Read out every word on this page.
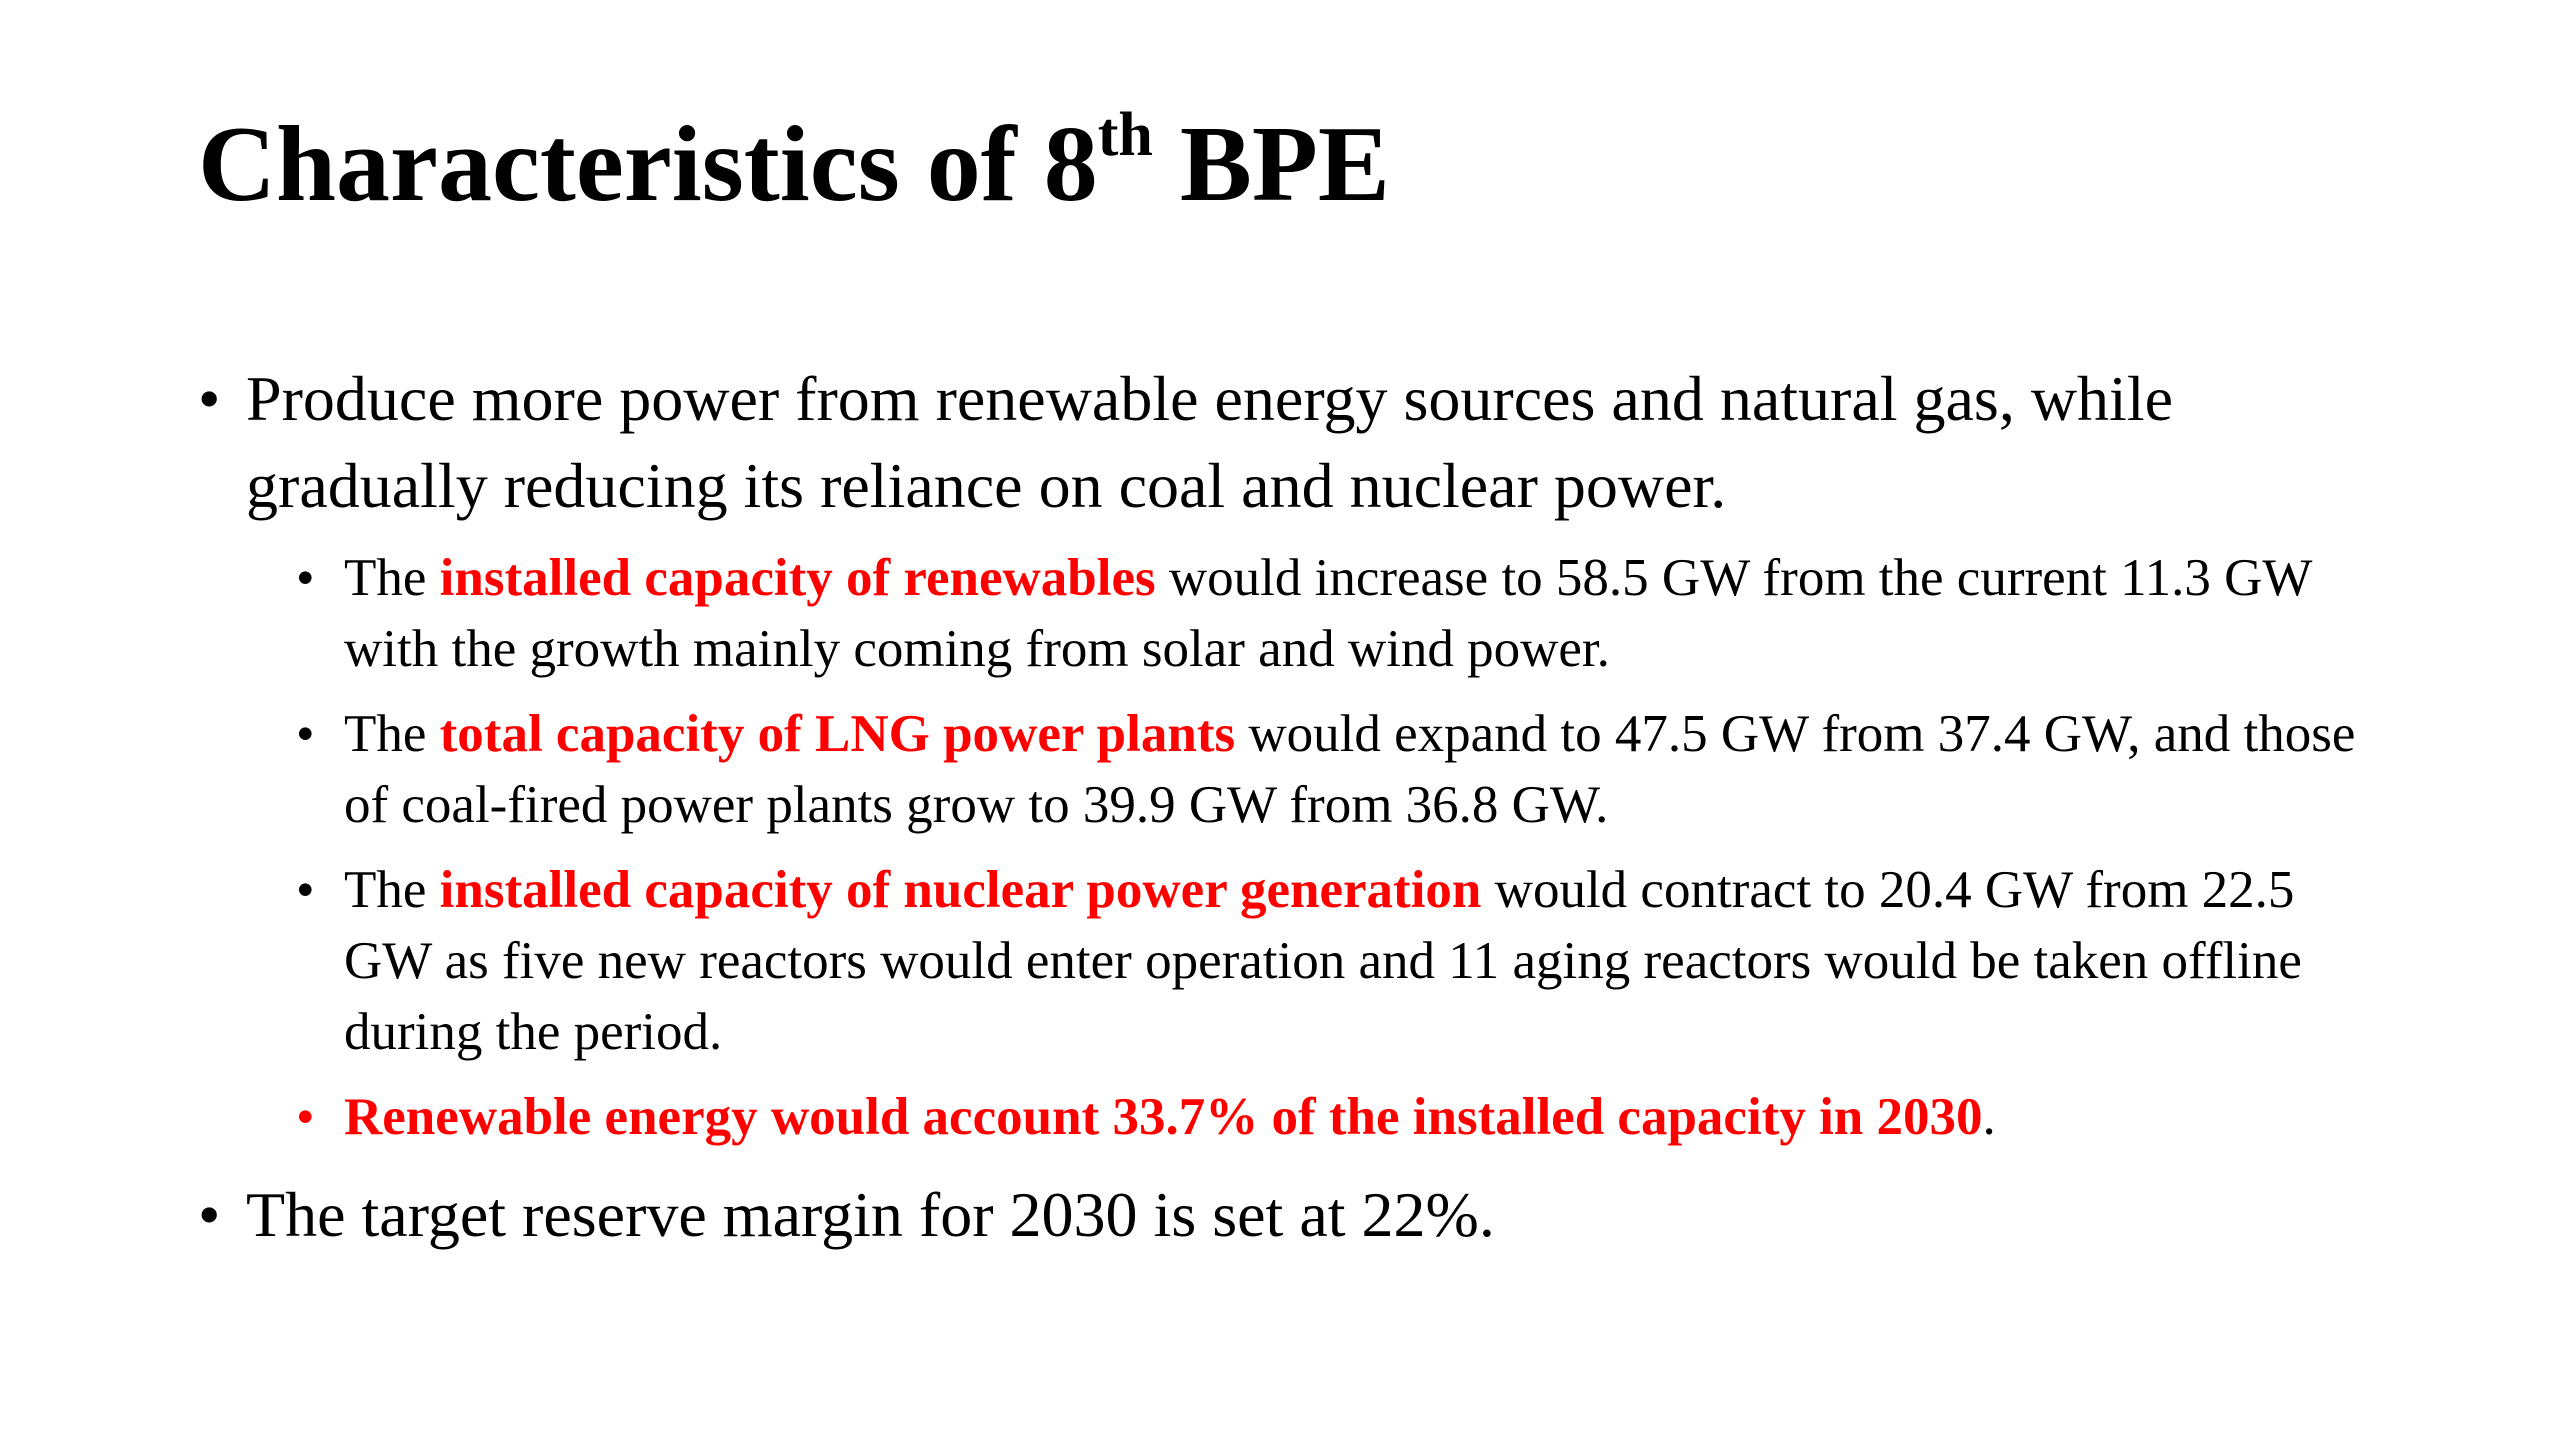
Characteristics of 8th BPE
• Produce more power from renewable energy sources and natural gas, while gradually reducing its reliance on coal and nuclear power.
• The installed capacity of renewables would increase to 58.5 GW from the current 11.3 GW with the growth mainly coming from solar and wind power.
• The total capacity of LNG power plants would expand to 47.5 GW from 37.4 GW, and those of coal-fired power plants grow to 39.9 GW from 36.8 GW.
• The installed capacity of nuclear power generation would contract to 20.4 GW from 22.5 GW as five new reactors would enter operation and 11 aging reactors would be taken offline during the period.
• Renewable energy would account 33.7% of the installed capacity in 2030.
• The target reserve margin for 2030 is set at 22%.
